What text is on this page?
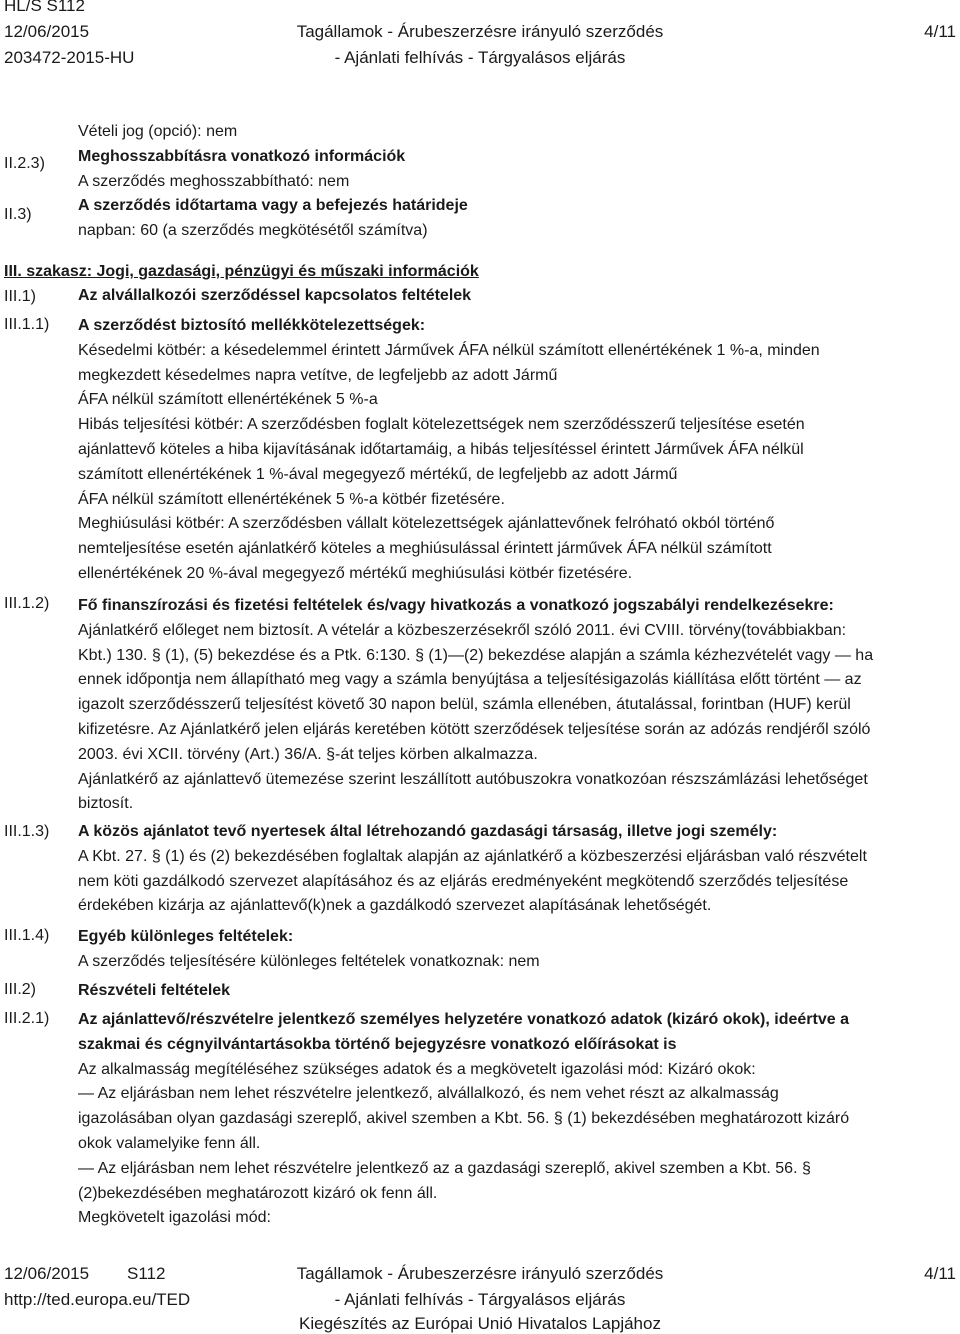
HL/S S112
12/06/2015
203472-2015-HU
Tagállamok - Árubeszerzésre irányuló szerződés
- Ajánlati felhívás - Tárgyalásos eljárás
4/11
II.2.3)
II.3)
III.1)
III.1.1)
III.1.2)
III.1.3)
III.1.4)
III.2)
III.2.1)

Vételi jog (opció): nem

Meghosszabbításra vonatkozó információk

A szerződés meghosszabbítható: nem

A szerződés időtartama vagy a befejezés határideje

napban: 60 (a szerződés megkötésétől számítva)

III. szakasz: Jogi, gazdasági, pénzügyi és műszaki információk

Az alvállalkozói szerződéssel kapcsolatos feltételek

A szerződést biztosító mellékkötelezettségek:

Késedelmi kötbér: a késedelemmel érintett Járművek ÁFA nélkül számított ellenértékének 1 %-a, minden

megkezdett késedelmes napra vetítve, de legfeljebb az adott Jármű

ÁFA nélkül számított ellenértékének 5 %-a

Hibás teljesítési kötbér: A szerződésben foglalt kötelezettségek nem szerződésszerű teljesítése esetén

ajánlattevő köteles a hiba kijavításának időtartamáig, a hibás teljesítéssel érintett Járművek ÁFA nélkül

számított ellenértékének 1 %-ával megegyező mértékű, de legfeljebb az adott Jármű

ÁFA nélkül számított ellenértékének 5 %-a kötbér fizetésére.

Meghiúsulási kötbér: A szerződésben vállalt kötelezettségek ajánlattevőnek felróható okból történő

nemteljesítése esetén ajánlatkérő köteles a meghiúsulással érintett járművek ÁFA nélkül számított

ellenértékének 20 %-ával megegyező mértékű meghiúsulási kötbér fizetésére.

Fő finanszírozási és fizetési feltételek és/vagy hivatkozás a vonatkozó jogszabályi rendelkezésekre:

Ajánlatkérő előleget nem biztosít. A vételár a közbeszerzésekről szóló 2011. évi CVIII. törvény(továbbiakban:

Kbt.) 130. § (1), (5) bekezdése és a Ptk. 6:130. § (1)—(2) bekezdése alapján a számla kézhezvételét vagy — ha

ennek időpontja nem állapítható meg vagy a számla benyújtása a teljesítésigazolás kiállítása előtt történt — az

igazolt szerződésszerű teljesítést követő 30 napon belül, számla ellenében, átutalással, forintban (HUF) kerül

kifizetésre. Az Ajánlatkérő jelen eljárás keretében kötött szerződések teljesítése során az adózás rendjéről szóló

2003. évi XCII. törvény (Art.) 36/A. §-át teljes körben alkalmazza.

Ajánlatkérő az ajánlattevő ütemezése szerint leszállított autóbuszokra vonatkozóan részszámlázási lehetőséget

biztosít.

A közös ajánlatot tevő nyertesek által létrehozandó gazdasági társaság, illetve jogi személy:

A Kbt. 27. § (1) és (2) bekezdésében foglaltak alapján az ajánlatkérő a közbeszerzési eljárásban való részvételt

nem köti gazdálkodó szervezet alapításához és az eljárás eredményeként megkötendő szerződés teljesítése

érdekében kizárja az ajánlattevő(k)nek a gazdálkodó szervezet alapításának lehetőségét.

Egyéb különleges feltételek:

A szerződés teljesítésére különleges feltételek vonatkoznak: nem

Részvételi feltételek

Az ajánlattevő/részvételre jelentkező személyes helyzetére vonatkozó adatok (kizáró okok), ideértve a

szakmai és cégnyilvántartásokba történő bejegyzésre vonatkozó előírásokat is

Az alkalmasság megítéléséhez szükséges adatok és a megkövetelt igazolási mód: Kizáró okok:

— Az eljárásban nem lehet részvételre jelentkező, alvállalkozó, és nem vehet részt az alkalmasság

igazolásában olyan gazdasági szereplő, akivel szemben a Kbt. 56. § (1) bekezdésében meghatározott kizáró

okok valamelyike fenn áll.

— Az eljárásban nem lehet részvételre jelentkező az a gazdasági szereplő, akivel szemben a Kbt. 56. §

(2)bekezdésében meghatározott kizáró ok fenn áll.

Megkövetelt igazolási mód:

12/06/2015 S112
http://ted.europa.eu/TED
Tagállamok - Árubeszerzésre irányuló szerződés
- Ajánlati felhívás - Tárgyalásos eljárás
Kiegészítés az Európai Unió Hivatalos Lapjához
4/11
